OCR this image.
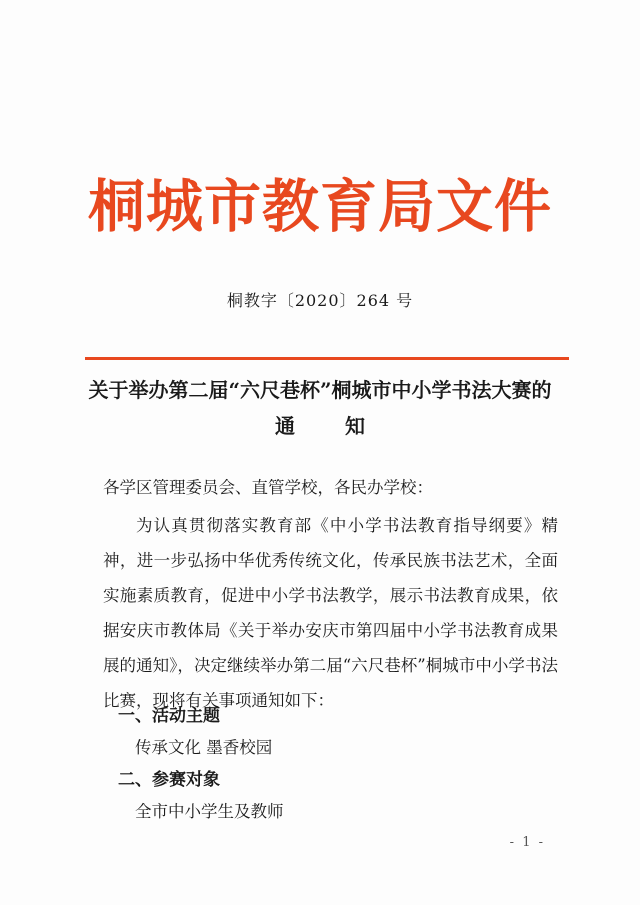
桐城市教育局文件
桐教字〔2020〕264 号
关于举办第二届“六尺巷杯”桐城市中小学书法大赛的
通知
各学区管理委员会、直管学校，各民办学校：
为认真贯彻落实教育部《中小学书法教育指导纲要》精神，进一步弘扬中华优秀传统文化，传承民族书法艺术，全面实施素质教育，促进中小学书法教学，展示书法教育成果，依据安庆市教体局《关于举办安庆市第四届中小学书法教育成果展的通知》，决定继续举办第二届“六尺巷杯”桐城市中小学书法比赛，现将有关事项通知如下：
一、活动主题
传承文化 墨香校园
二、参赛对象
全市中小学生及教师
- 1 -
